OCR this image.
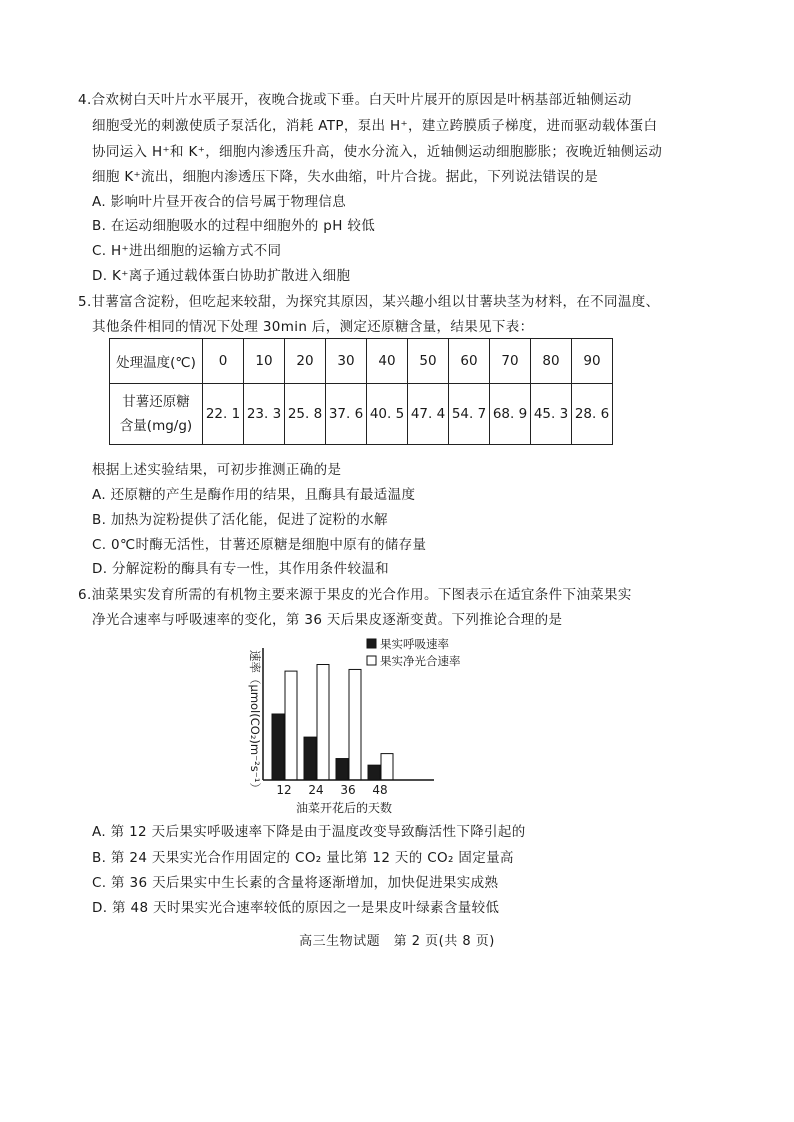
4.合欢树白天叶片水平展开，夜晚合拢或下垂。白天叶片展开的原因是叶柄基部近轴侧运动
细胞受光的刺激使质子泵活化，消耗 ATP，泵出 H⁺，建立跨膜质子梯度，进而驱动载体蛋白
协同运入 H⁺和 K⁺，细胞内渗透压升高，使水分流入，近轴侧运动细胞膨胀；夜晚近轴侧运动
细胞 K⁺流出，细胞内渗透压下降，失水曲缩，叶片合拢。据此，下列说法错误的是
A. 影响叶片昼开夜合的信号属于物理信息
B. 在运动细胞吸水的过程中细胞外的 pH 较低
C. H⁺进出细胞的运输方式不同
D. K⁺离子通过载体蛋白协助扩散进入细胞
5.甘薯富含淀粉，但吃起来较甜，为探究其原因，某兴趣小组以甘薯块茎为材料，在不同温度、
其他条件相同的情况下处理 30min 后，测定还原糖含量，结果见下表：
处理温度(℃)	0	10	20	30	40	50	60	70	80	90

甘薯还原糖
含量(mg/g)	22. 1	23. 3	25. 8	37. 6	40. 5	47. 4	54. 7	68. 9	45. 3	28. 6
根据上述实验结果，可初步推测正确的是
A. 还原糖的产生是酶作用的结果，且酶具有最适温度
B. 加热为淀粉提供了活化能，促进了淀粉的水解
C. 0℃时酶无活性，甘薯还原糖是细胞中原有的储存量
D. 分解淀粉的酶具有专一性，其作用条件较温和
6.油菜果实发育所需的有机物主要来源于果皮的光合作用。下图表示在适宜条件下油菜果实
净光合速率与呼吸速率的变化，第 36 天后果皮逐渐变黄。下列推论合理的是
速率（μmol(CO₂)m⁻²s⁻¹）
果实呼吸速率
果实净光合速率
12 24 36 48
油菜开花后的天数
A. 第 12 天后果实呼吸速率下降是由于温度改变导致酶活性下降引起的
B. 第 24 天果实光合作用固定的 CO₂ 量比第 12 天的 CO₂ 固定量高
C. 第 36 天后果实中生长素的含量将逐渐增加，加快促进果实成熟
D. 第 48 天时果实光合速率较低的原因之一是果皮叶绿素含量较低
高三生物试题　第 2 页(共 8 页)
